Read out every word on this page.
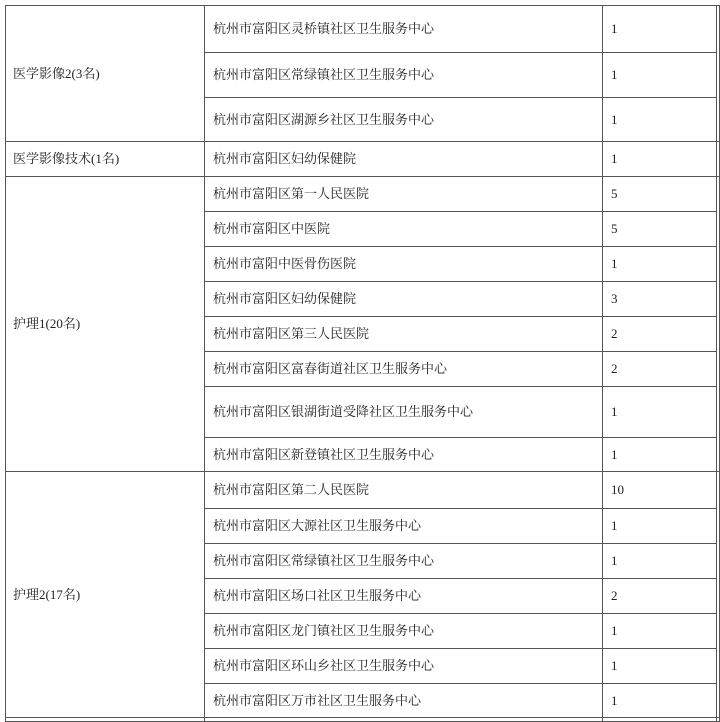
医学影像2(3名)	杭州市富阳区灵桥镇社区卫生服务中心	1	
	杭州市富阳区常绿镇社区卫生服务中心	1	
	杭州市富阳区湖源乡社区卫生服务中心	1	
医学影像技术(1名)	杭州市富阳区妇幼保健院	1	
护理1(20名)	杭州市富阳区第一人民医院	5	
	杭州市富阳区中医院	5	
	杭州市富阳中医骨伤医院	1	
	杭州市富阳区妇幼保健院	3	
	杭州市富阳区第三人民医院	2	
	杭州市富阳区富春街道社区卫生服务中心	2	
	杭州市富阳区银湖街道受降社区卫生服务中心	1	
	杭州市富阳区新登镇社区卫生服务中心	1	
护理2(17名)	杭州市富阳区第二人民医院	10	
	杭州市富阳区大源社区卫生服务中心	1	
	杭州市富阳区常绿镇社区卫生服务中心	1	
	杭州市富阳区场口社区卫生服务中心	2	
	杭州市富阳区龙门镇社区卫生服务中心	1	
	杭州市富阳区环山乡社区卫生服务中心	1	
	杭州市富阳区万市社区卫生服务中心	1	
